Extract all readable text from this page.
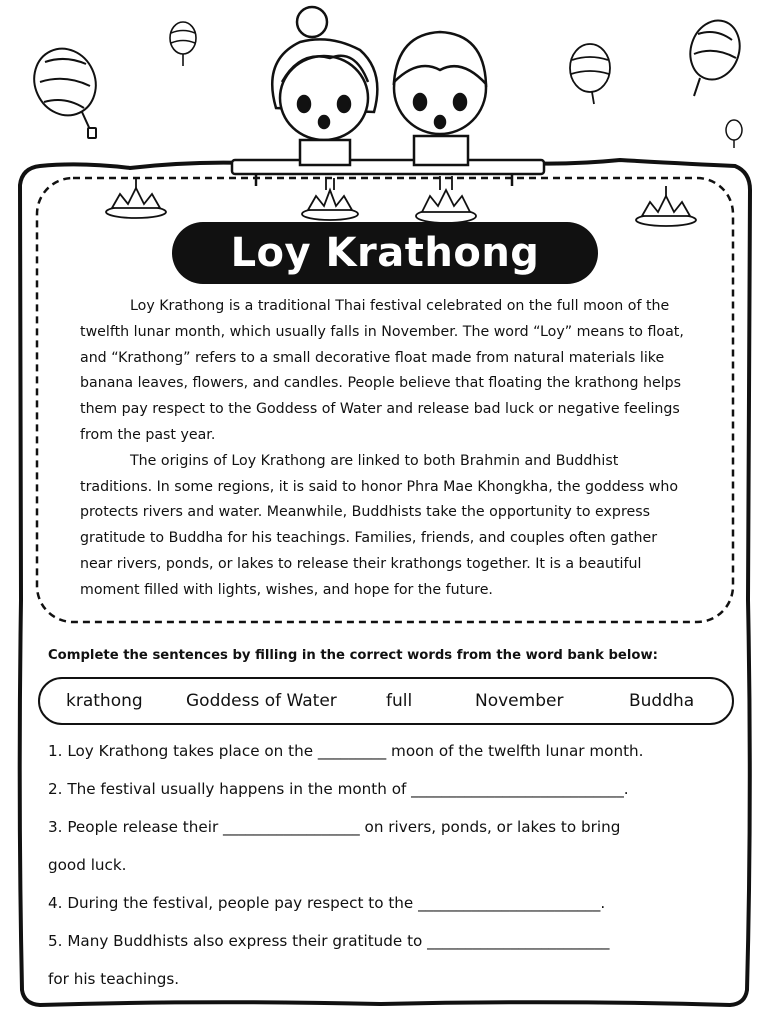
Loy Krathong

Loy Krathong is a traditional Thai festival celebrated on the full moon of the twelfth lunar month, which usually falls in November. The word “Loy” means to float, and “Krathong” refers to a small decorative float made from natural materials like banana leaves, flowers, and candles. People believe that floating the krathong helps them pay respect to the Goddess of Water and release bad luck or negative feelings from the past year.

The origins of Loy Krathong are linked to both Brahmin and Buddhist traditions. In some regions, it is said to honor Phra Mae Khongkha, the goddess who protects rivers and water. Meanwhile, Buddhists take the opportunity to express gratitude to Buddha for his teachings. Families, friends, and couples often gather near rivers, ponds, or lakes to release their krathongs together. It is a beautiful moment filled with lights, wishes, and hope for the future.

Complete the sentences by filling in the correct words from the word bank below:
krathong	Goddess of Water	full	November	Buddha
1. Loy Krathong takes place on the _________ moon of the twelfth lunar month.
2. The festival usually happens in the month of ____________________________.
3. People release their __________________ on rivers, ponds, or lakes to bring
good luck.
4. During the festival, people pay respect to the ________________________.
5. Many Buddhists also express their gratitude to ________________________
for his teachings.
